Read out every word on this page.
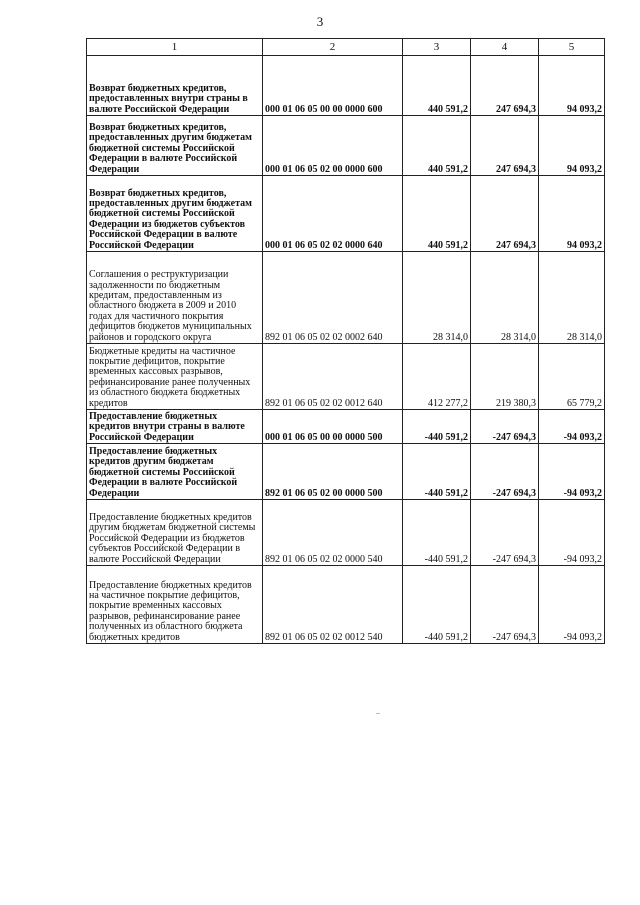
3
1	2	3	4	5
Возврат бюджетных кредитов, предоставленных внутри страны в валюте Российской Федерации	000 01 06 05 00 00 0000 600	440 591,2	247 694,3	94 093,2
Возврат бюджетных кредитов, предоставленных другим бюджетам бюджетной системы Российской Федерации в валюте Российской Федерации	000 01 06 05 02 00 0000 600	440 591,2	247 694,3	94 093,2
Возврат бюджетных кредитов, предоставленных другим бюджетам бюджетной системы Российской Федерации из бюджетов субъектов Российской Федерации в валюте Российской Федерации	000 01 06 05 02 02 0000 640	440 591,2	247 694,3	94 093,2
Соглашения о реструктуризации задолженности по бюджетным кредитам, предоставленным из областного бюджета в 2009 и 2010 годах для частичного покрытия дефицитов бюджетов муниципальных районов и городского округа	892 01 06 05 02 02 0002 640	28 314,0	28 314,0	28 314,0
Бюджетные кредиты на частичное покрытие дефицитов, покрытие временных кассовых разрывов, рефинансирование ранее полученных из областного бюджета бюджетных кредитов	892 01 06 05 02 02 0012 640	412 277,2	219 380,3	65 779,2
Предоставление бюджетных кредитов внутри страны в валюте Российской Федерации	000 01 06 05 00 00 0000 500	-440 591,2	-247 694,3	-94 093,2
Предоставление бюджетных кредитов другим бюджетам бюджетной системы Российской Федерации в валюте Российской Федерации	892 01 06 05 02 00 0000 500	-440 591,2	-247 694,3	-94 093,2
Предоставление бюджетных кредитов другим бюджетам бюджетной системы Российской Федерации из бюджетов субъектов Российской Федерации в валюте Российской Федерации	892 01 06 05 02 02 0000 540	-440 591,2	-247 694,3	-94 093,2
Предоставление бюджетных кредитов на частичное покрытие дефицитов, покрытие временных кассовых разрывов, рефинансирование ранее полученных из областного бюджета бюджетных кредитов	892 01 06 05 02 02 0012 540	-440 591,2	-247 694,3	-94 093,2
